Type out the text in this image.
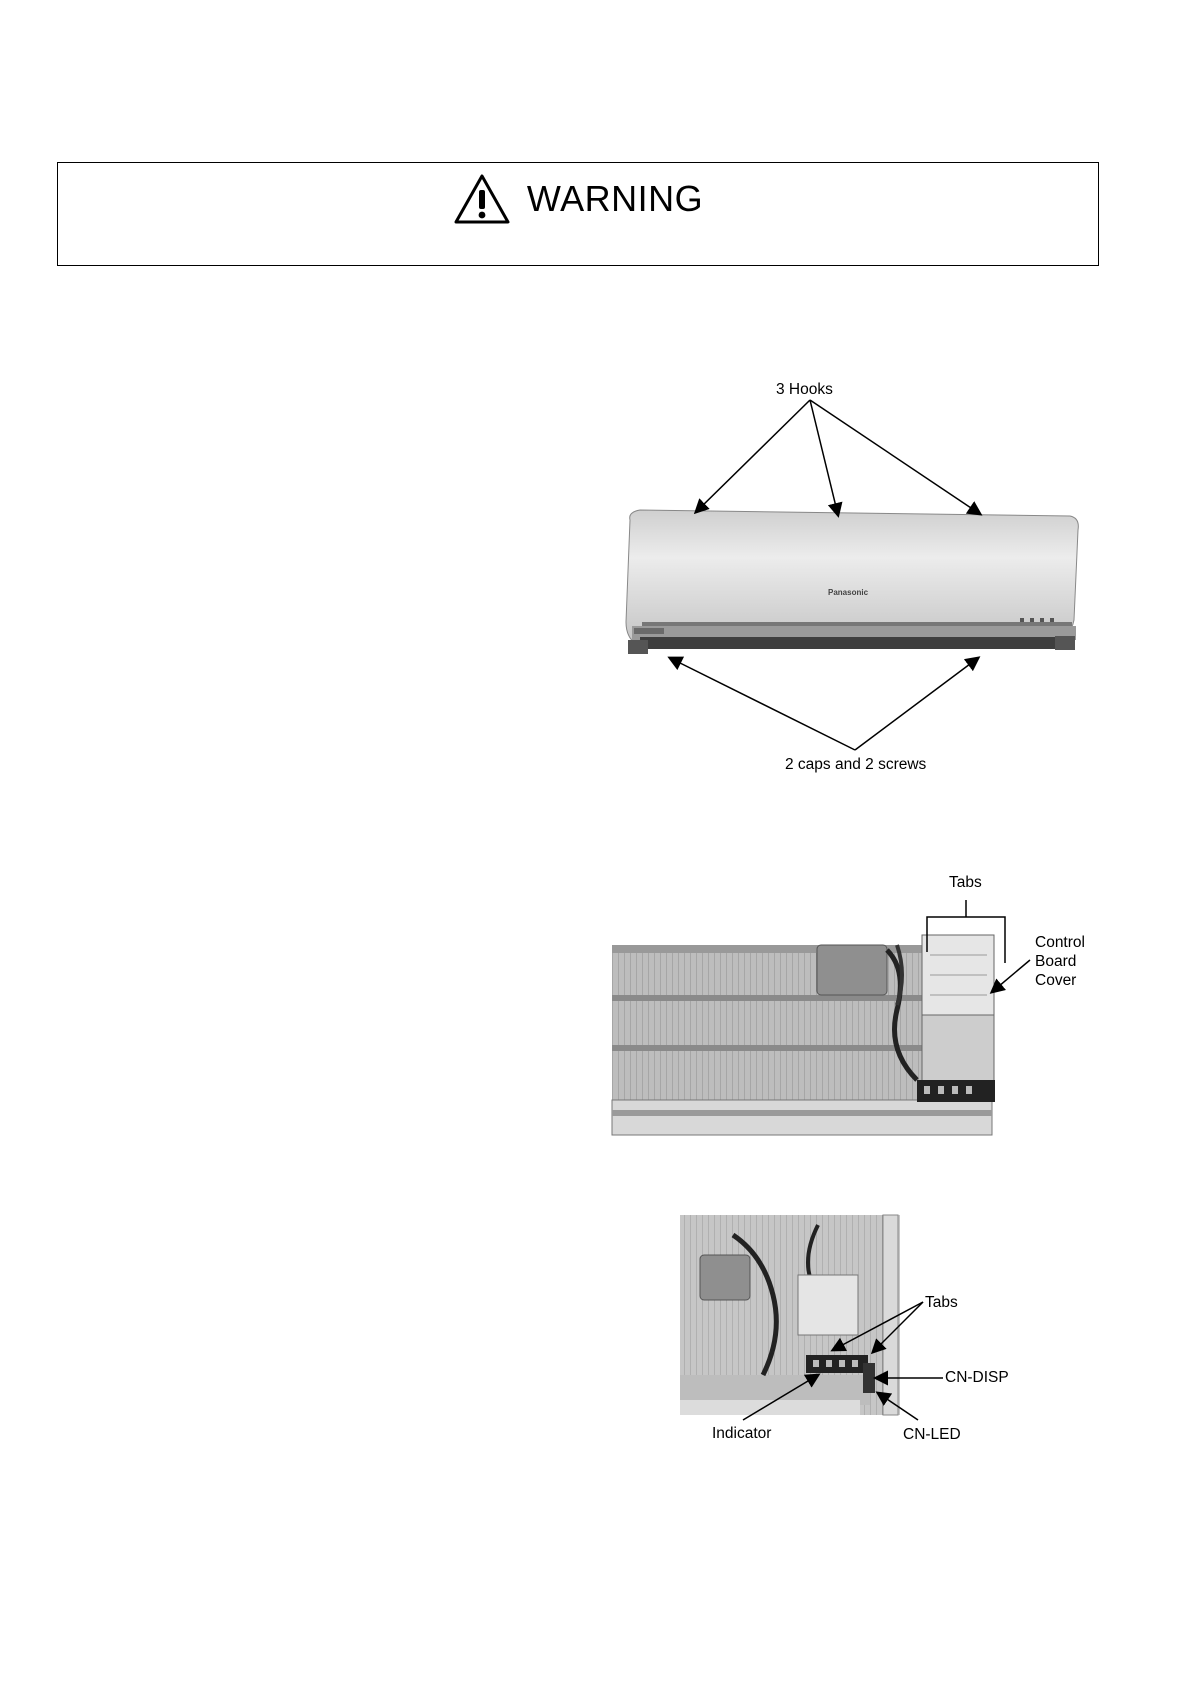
WARNING
3 Hooks
2 caps and 2 screws
Panasonic
Tabs
Control
Board
Cover
Tabs
CN-DISP
CN-LED
Indicator
